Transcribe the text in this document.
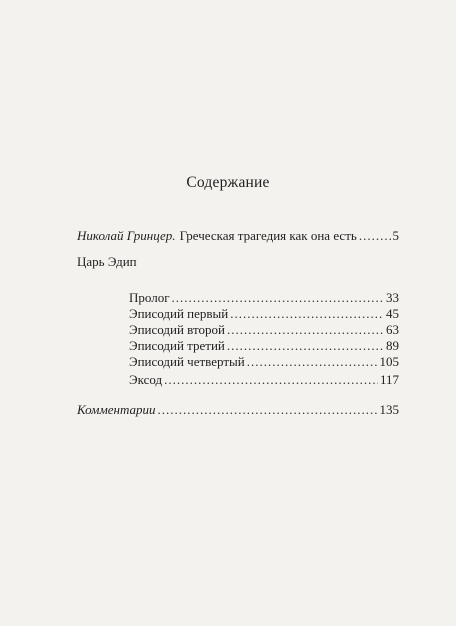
Содержание
Николай Гринцер. Греческая трагедия как она есть .....	5
Царь Эдип
Пролог .....	33
Эписодий первый .....	45
Эписодий второй .....	63
Эписодий третий .....	89
Эписодий четвертый .....	105
Эксод .....	117
Комментарии .....	135
